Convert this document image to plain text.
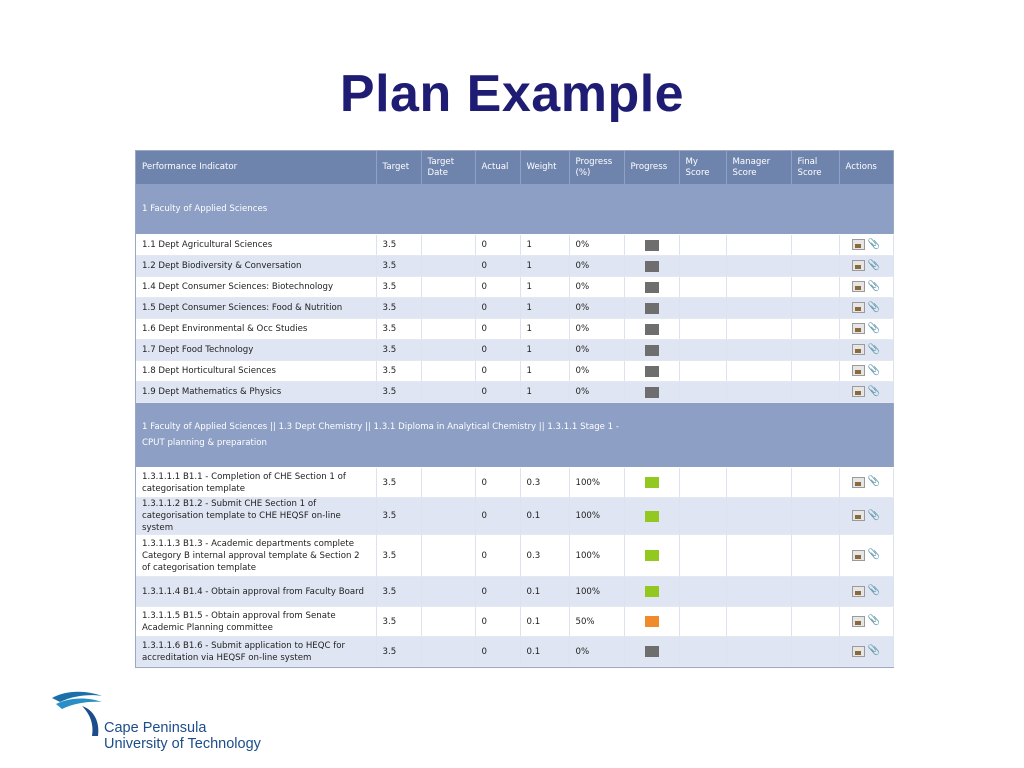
Plan Example
Performance Indicator	Target	Target Date	Actual	Weight	Progress (%)	Progress	My Score	Manager Score	Final Score	Actions
1 Faculty of Applied Sciences										
1.1 Dept Agricultural Sciences	3.5		0	1	0%					📎
1.2 Dept Biodiversity & Conversation	3.5		0	1	0%					📎
1.4 Dept Consumer Sciences: Biotechnology	3.5		0	1	0%					📎
1.5 Dept Consumer Sciences: Food & Nutrition	3.5		0	1	0%					📎
1.6 Dept Environmental & Occ Studies	3.5		0	1	0%					📎
1.7 Dept Food Technology	3.5		0	1	0%					📎
1.8 Dept Horticultural Sciences	3.5		0	1	0%					📎
1.9 Dept Mathematics & Physics	3.5		0	1	0%					📎
1 Faculty of Applied Sciences || 1.3 Dept Chemistry || 1.3.1 Diploma in Analytical Chemistry || 1.3.1.1 Stage 1 - CPUT planning & preparation										
1.3.1.1.1 B1.1 - Completion of CHE Section 1 of categorisation template	3.5		0	0.3	100%					📎
1.3.1.1.2 B1.2 - Submit CHE Section 1 of categorisation template to CHE HEQSF on-line system	3.5		0	0.1	100%					📎
1.3.1.1.3 B1.3 - Academic departments complete Category B internal approval template & Section 2 of categorisation template	3.5		0	0.3	100%					📎
1.3.1.1.4 B1.4 - Obtain approval from Faculty Board	3.5		0	0.1	100%					📎
1.3.1.1.5 B1.5 - Obtain approval from Senate Academic Planning committee	3.5		0	0.1	50%					📎
1.3.1.1.6 B1.6 - Submit application to HEQC for accreditation via HEQSF on-line system	3.5		0	0.1	0%					📎
Cape Peninsula
University of Technology
